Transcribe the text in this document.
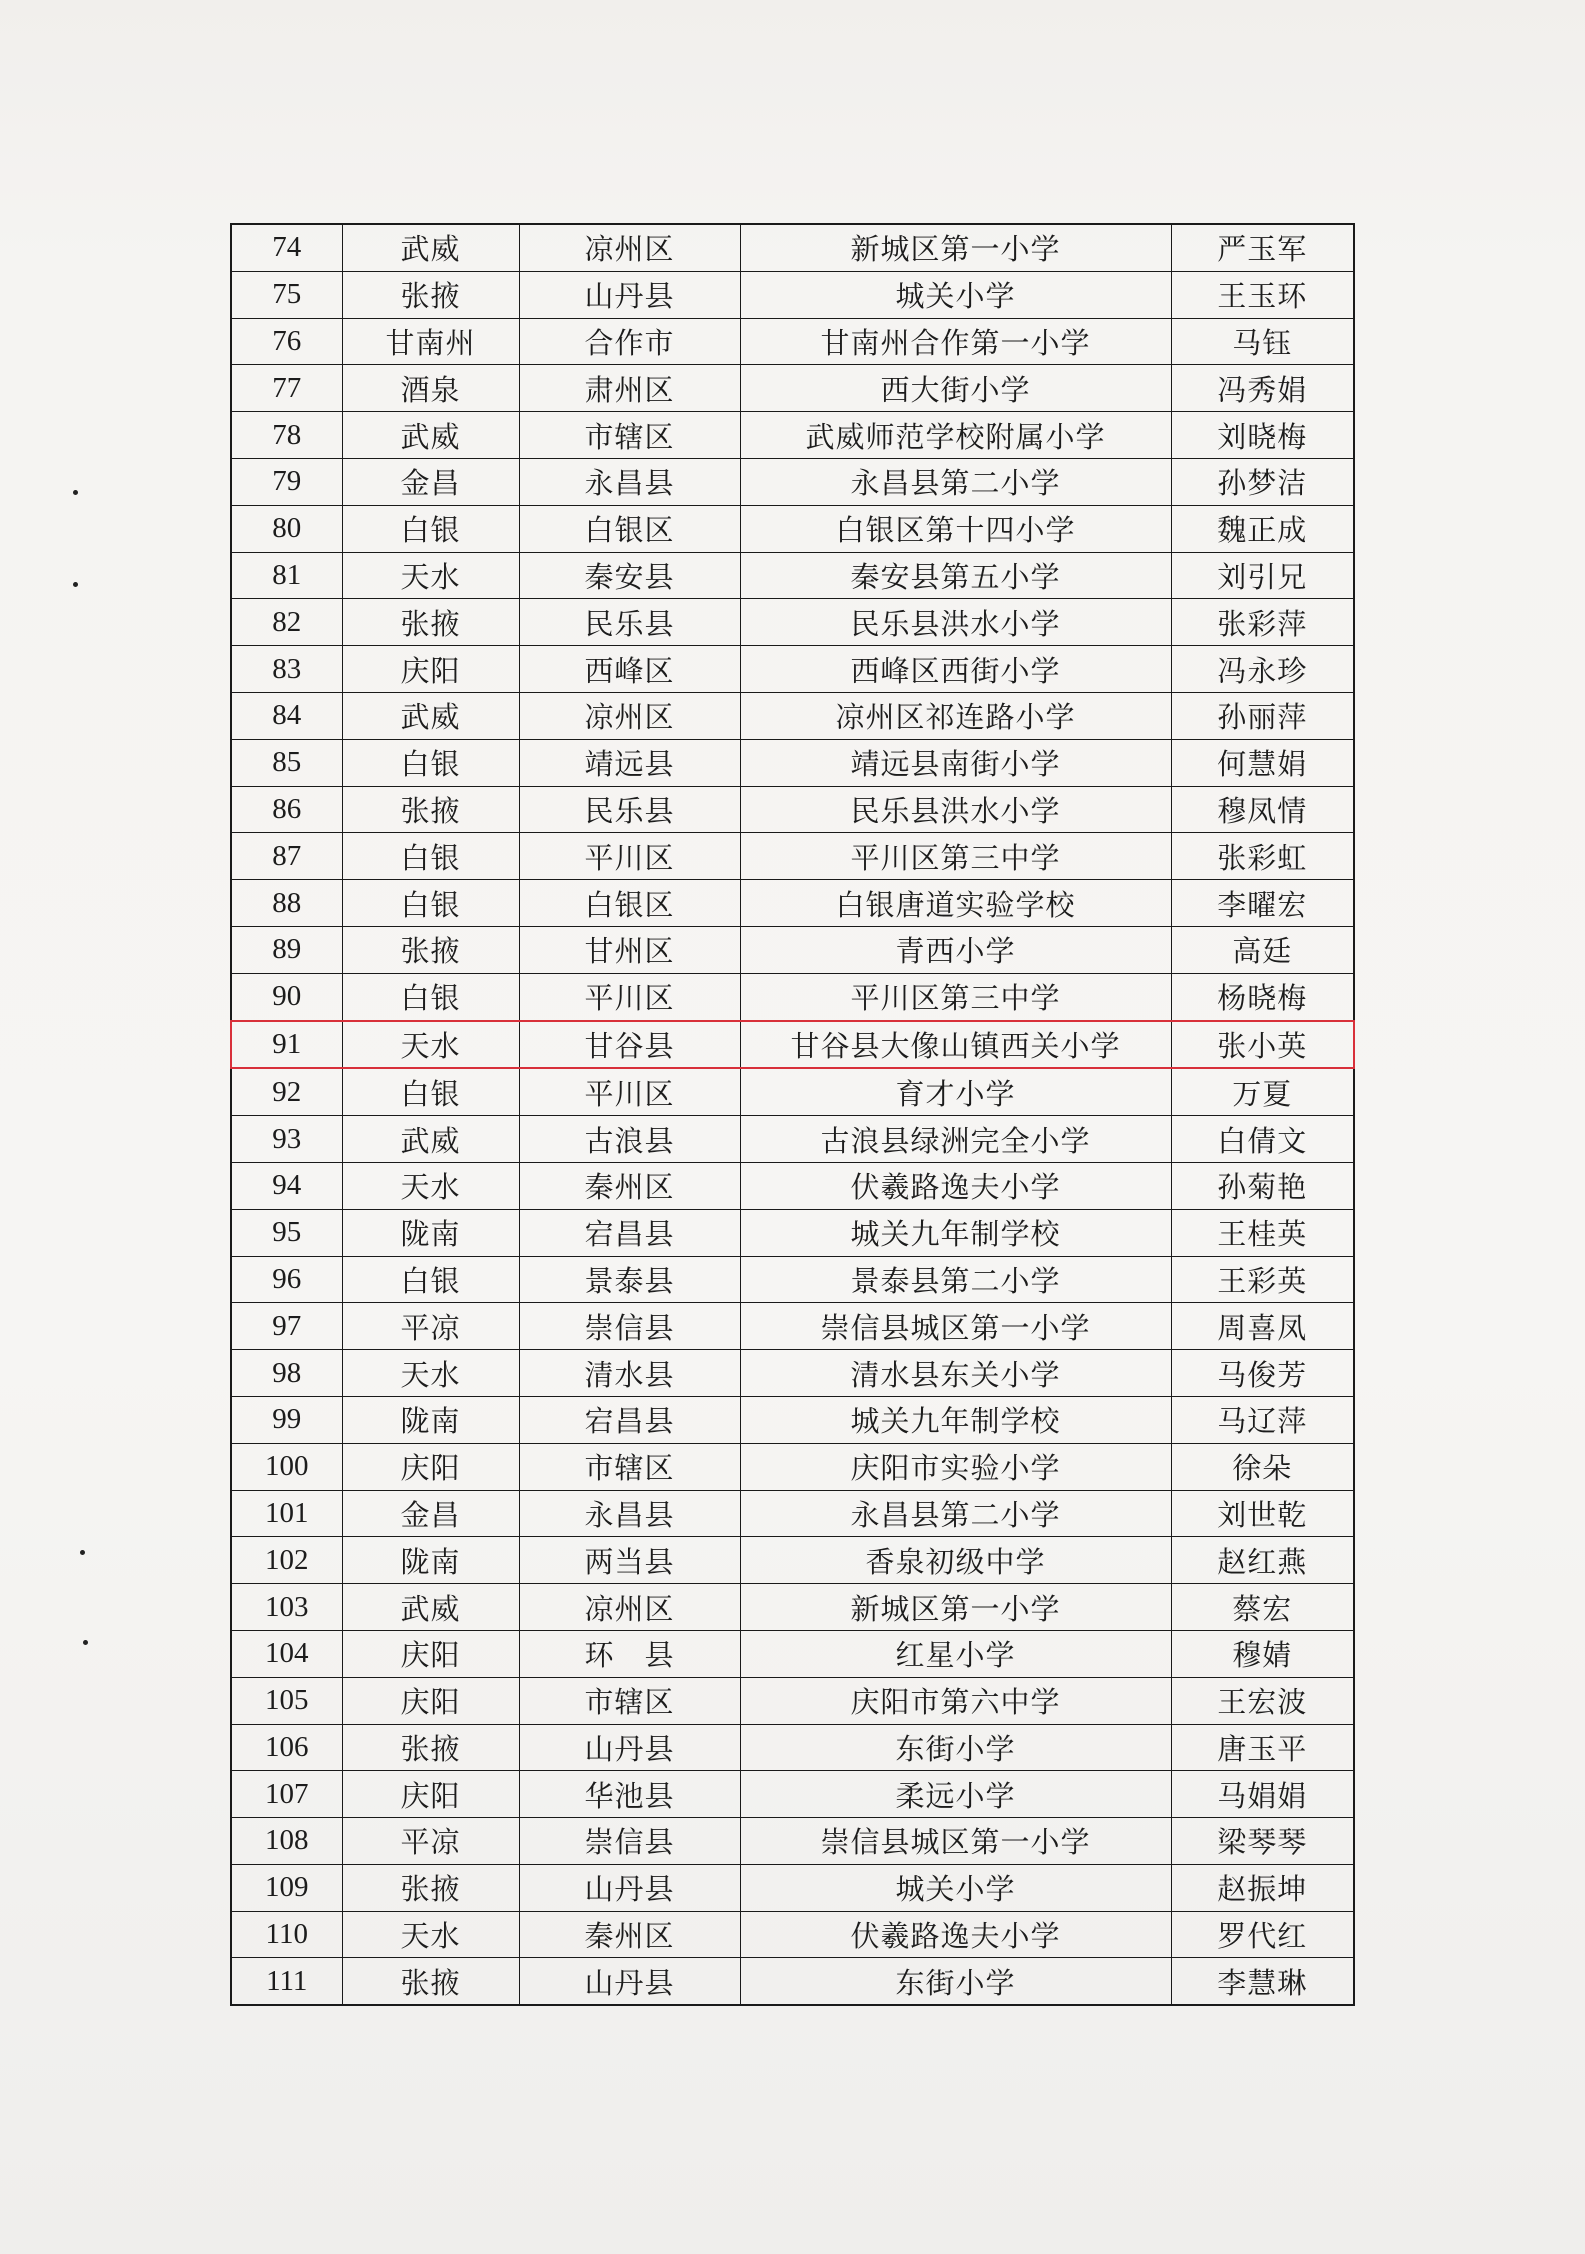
74	武威	凉州区	新城区第一小学	严玉军
75	张掖	山丹县	城关小学	王玉环
76	甘南州	合作市	甘南州合作第一小学	马钰
77	酒泉	肃州区	西大街小学	冯秀娟
78	武威	市辖区	武威师范学校附属小学	刘晓梅
79	金昌	永昌县	永昌县第二小学	孙梦洁
80	白银	白银区	白银区第十四小学	魏正成
81	天水	秦安县	秦安县第五小学	刘引兄
82	张掖	民乐县	民乐县洪水小学	张彩萍
83	庆阳	西峰区	西峰区西街小学	冯永珍
84	武威	凉州区	凉州区祁连路小学	孙丽萍
85	白银	靖远县	靖远县南街小学	何慧娟
86	张掖	民乐县	民乐县洪水小学	穆凤情
87	白银	平川区	平川区第三中学	张彩虹
88	白银	白银区	白银唐道实验学校	李曜宏
89	张掖	甘州区	青西小学	高廷
90	白银	平川区	平川区第三中学	杨晓梅
91	天水	甘谷县	甘谷县大像山镇西关小学	张小英
92	白银	平川区	育才小学	万夏
93	武威	古浪县	古浪县绿洲完全小学	白倩文
94	天水	秦州区	伏羲路逸夫小学	孙菊艳
95	陇南	宕昌县	城关九年制学校	王桂英
96	白银	景泰县	景泰县第二小学	王彩英
97	平凉	崇信县	崇信县城区第一小学	周喜凤
98	天水	清水县	清水县东关小学	马俊芳
99	陇南	宕昌县	城关九年制学校	马辽萍
100	庆阳	市辖区	庆阳市实验小学	徐朵
101	金昌	永昌县	永昌县第二小学	刘世乾
102	陇南	两当县	香泉初级中学	赵红燕
103	武威	凉州区	新城区第一小学	蔡宏
104	庆阳	环　县	红星小学	穆婧
105	庆阳	市辖区	庆阳市第六中学	王宏波
106	张掖	山丹县	东街小学	唐玉平
107	庆阳	华池县	柔远小学	马娟娟
108	平凉	崇信县	崇信县城区第一小学	梁琴琴
109	张掖	山丹县	城关小学	赵振坤
110	天水	秦州区	伏羲路逸夫小学	罗代红
111	张掖	山丹县	东街小学	李慧琳
